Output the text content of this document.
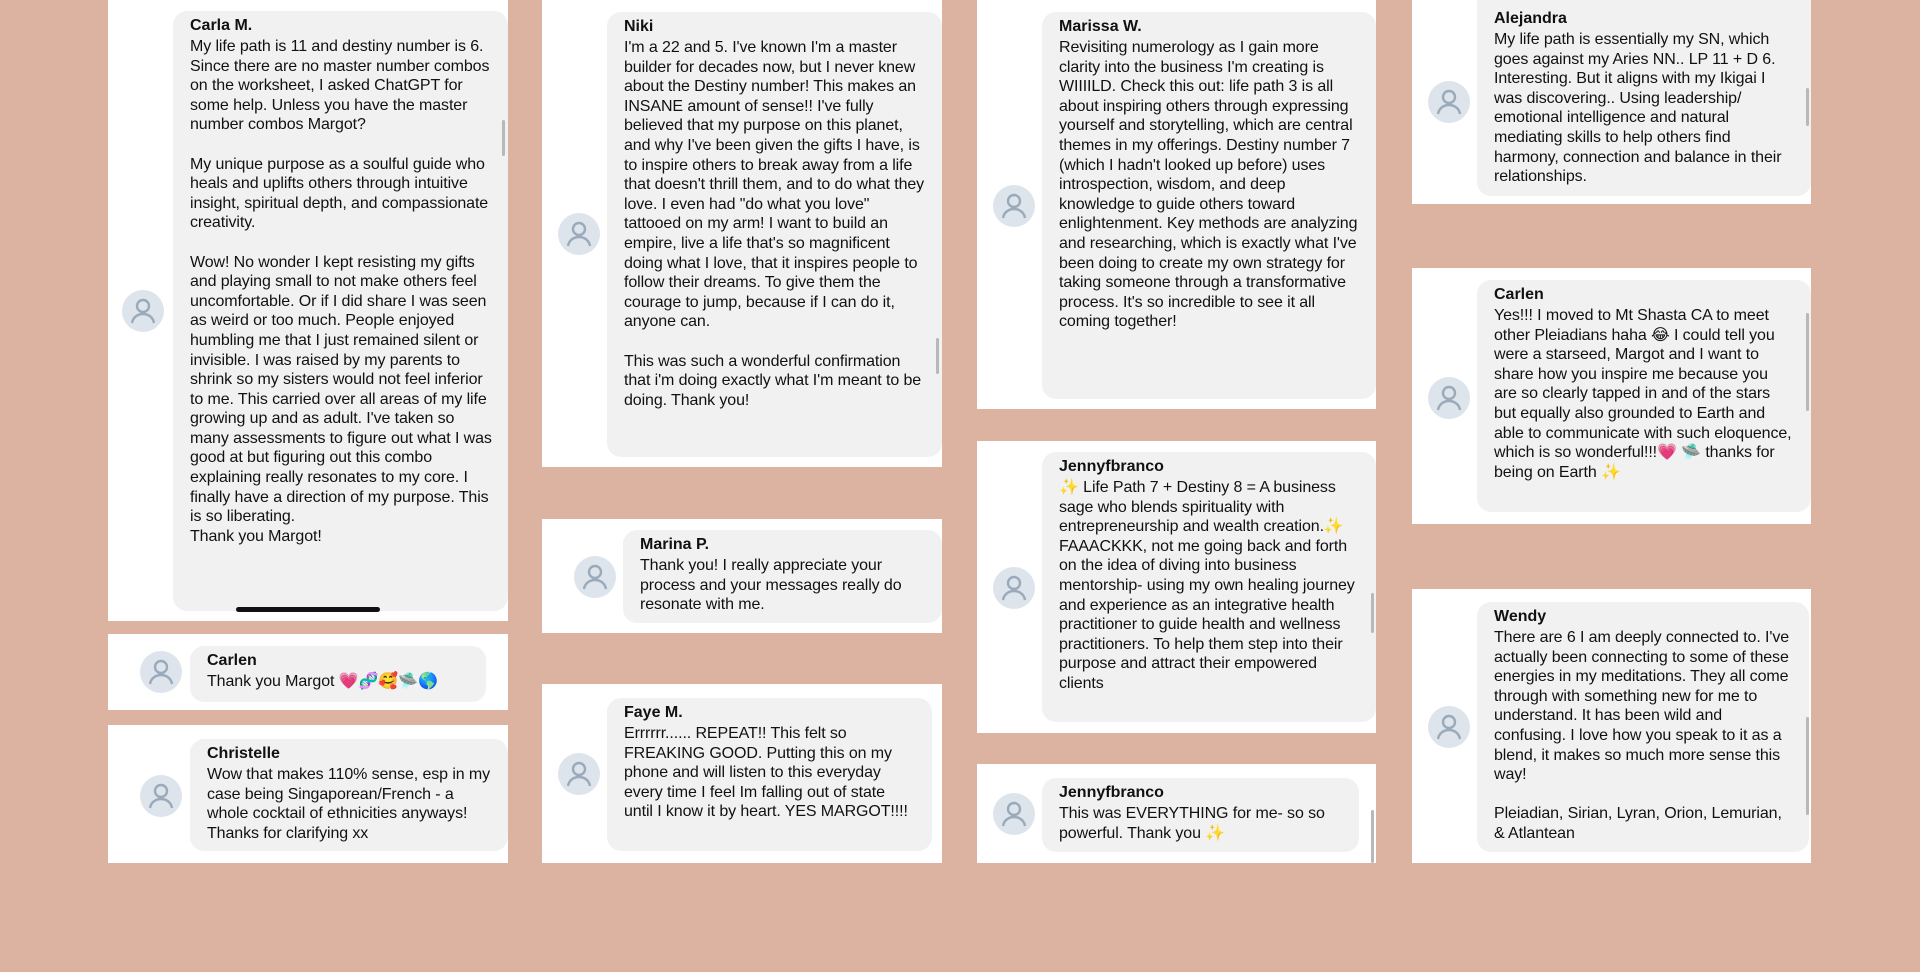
Carla M.
My life path is 11 and destiny number is 6. Since there are no master number combos on the worksheet, I asked ChatGPT for some help. Unless you have the master number combos Margot?

My unique purpose as a soulful guide who heals and uplifts others through intuitive insight, spiritual depth, and compassionate creativity.

Wow! No wonder I kept resisting my gifts and playing small to not make others feel uncomfortable. Or if I did share I was seen as weird or too much. People enjoyed humbling me that I just remained silent or invisible. I was raised by my parents to shrink so my sisters would not feel inferior to me. This carried over all areas of my life growing up and as adult. I've taken so many assessments to figure out what I was good at but figuring out this combo explaining really resonates to my core. I finally have a direction of my purpose. This is so liberating.
Thank you Margot!
Carlen
Thank you Margot 💗🧬🥰🛸🌎
Christelle
Wow that makes 110% sense, esp in my case being Singaporean/French - a whole cocktail of ethnicities anyways! Thanks for clarifying xx
Niki
I'm a 22 and 5. I've known I'm a master builder for decades now, but I never knew about the Destiny number! This makes an INSANE amount of sense!! I've fully believed that my purpose on this planet, and why I've been given the gifts I have, is to inspire others to break away from a life that doesn't thrill them, and to do what they love. I even had "do what you love" tattooed on my arm! I want to build an empire, live a life that's so magnificent doing what I love, that it inspires people to follow their dreams. To give them the courage to jump, because if I can do it, anyone can.

This was such a wonderful confirmation that i'm doing exactly what I'm meant to be doing. Thank you!
Marina P.
Thank you! I really appreciate your process and your messages really do resonate with me.
Faye M.
Errrrrr...... REPEAT!! This felt so FREAKING GOOD. Putting this on my phone and will listen to this everyday every time I feel Im falling out of state until I know it by heart. YES MARGOT!!!!
Marissa W.
Revisiting numerology as I gain more clarity into the business I'm creating is WIIIILD. Check this out: life path 3 is all about inspiring others through expressing yourself and storytelling, which are central themes in my offerings. Destiny number 7 (which I hadn't looked up before) uses introspection, wisdom, and deep knowledge to guide others toward enlightenment. Key methods are analyzing and researching, which is exactly what I've been doing to create my own strategy for taking someone through a transformative process. It's so incredible to see it all coming together!
Jennyfbranco
✨ Life Path 7 + Destiny 8 = A business sage who blends spirituality with entrepreneurship and wealth creation.✨ FAAACKKK, not me going back and forth on the idea of diving into business mentorship- using my own healing journey and experience as an integrative health practitioner to guide health and wellness practitioners. To help them step into their purpose and attract their empowered clients
Jennyfbranco
This was EVERYTHING for me- so so powerful. Thank you ✨
Alejandra
My life path is essentially my SN, which goes against my Aries NN.. LP 11 + D 6. Interesting. But it aligns with my Ikigai I was discovering.. Using leadership/ emotional intelligence and natural mediating skills to help others find harmony, connection and balance in their relationships.
Carlen
Yes!!! I moved to Mt Shasta CA to meet other Pleiadians haha 😂 I could tell you were a starseed, Margot and I want to share how you inspire me because you are so clearly tapped in and of the stars but equally also grounded to Earth and able to communicate with such eloquence, which is so wonderful!!!💗 🛸 thanks for being on Earth ✨
Wendy
There are 6 I am deeply connected to. I've actually been connecting to some of these energies in my meditations. They all come through with something new for me to understand. It has been wild and confusing. I love how you speak to it as a blend, it makes so much more sense this way!

Pleiadian, Sirian, Lyran, Orion, Lemurian, & Atlantean
